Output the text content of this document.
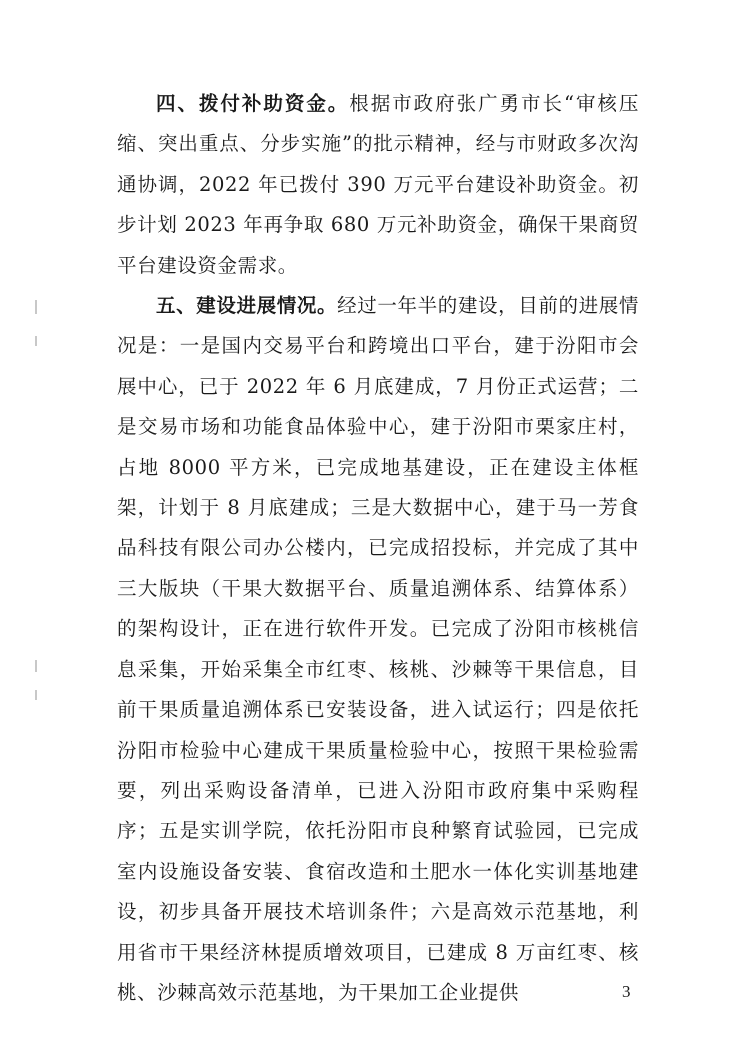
四、拨付补助资金。根据市政府张广勇市长“审核压缩、突出重点、分步实施”的批示精神，经与市财政多次沟通协调，2022 年已拨付 390 万元平台建设补助资金。初步计划 2023 年再争取 680 万元补助资金，确保干果商贸平台建设资金需求。

五、建设进展情况。经过一年半的建设，目前的进展情况是：一是国内交易平台和跨境出口平台，建于汾阳市会展中心，已于 2022 年 6 月底建成，7 月份正式运营；二是交易市场和功能食品体验中心，建于汾阳市栗家庄村，占地 8000 平方米，已完成地基建设，正在建设主体框架，计划于 8 月底建成；三是大数据中心，建于马一芳食品科技有限公司办公楼内，已完成招投标，并完成了其中三大版块（干果大数据平台、质量追溯体系、结算体系）的架构设计，正在进行软件开发。已完成了汾阳市核桃信息采集，开始采集全市红枣、核桃、沙棘等干果信息，目前干果质量追溯体系已安装设备，进入试运行；四是依托汾阳市检验中心建成干果质量检验中心，按照干果检验需要，列出采购设备清单，已进入汾阳市政府集中采购程序；五是实训学院，依托汾阳市良种繁育试验园，已完成室内设施设备安装、食宿改造和土肥水一体化实训基地建设，初步具备开展技术培训条件；六是高效示范基地，利用省市干果经济林提质增效项目，已建成 8 万亩红枣、核桃、沙棘高效示范基地，为干果加工企业提供	3
